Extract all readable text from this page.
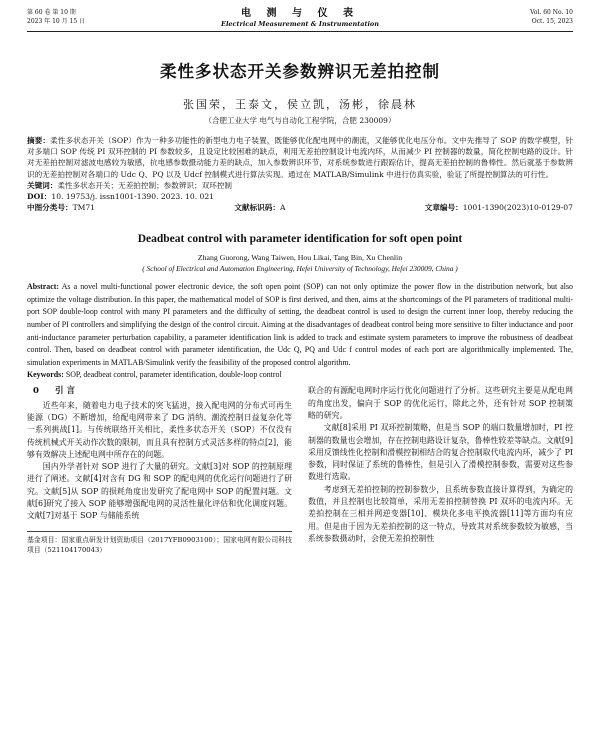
第 60 卷 第 10 期
2023 年 10 月 15 日
电 测 与 仪 表
Electrical Measurement & Instrumentation
Vol. 60 No. 10
Oct. 15, 2023
柔性多状态开关参数辨识无差拍控制
张国荣，王泰文，侯立凯，汤彬，徐晨林
（合肥工业大学 电气与自动化工程学院，合肥 230009）
摘要：柔性多状态开关（SOP）作为一种多功能性的新型电力电子装置，既能够优化配电网中的潮流，又能够优化电压分布。文中先推导了 SOP 的数学模型，针对多端口 SOP 传统 PI 双环控制的 PI 参数较多，且设定比较困难的缺点，利用无差拍控制设计电流内环，从而减少 PI 控制器的数量，简化控制电路的设计。针对无差拍控制对滤波电感较为敏感，抗电感参数摄动能力差的缺点，加入参数辨识环节，对系统参数进行跟踪估计，提高无差拍控制的鲁棒性。然后就基于参数辨识的无差拍控制对各端口的 Udc Q、PQ 以及 Udcf 控制模式进行算法实现。通过在 MATLAB/Simulink 中进行仿真实验，验证了所提控制算法的可行性。
关键词：柔性多状态开关；无差拍控制；参数辨识；双环控制
DOI：10. 19753/j. issn1001-1390. 2023. 10. 021
中图分类号：TM71	文献标识码：A	文章编号：1001-1390(2023)10-0129-07
Deadbeat control with parameter identification for soft open point
Zhang Guorong, Wang Taiwen, Hou Likai, Tang Bin, Xu Chenlin
( School of Electrical and Automation Engineering, Hefei University of Technology, Hefei 230009, China )
Abstract: As a novel multi-functional power electronic device, the soft open point (SOP) can not only optimize the power flow in the distribution network, but also optimize the voltage distribution. In this paper, the mathematical model of SOP is first derived, and then, aims at the shortcomings of the PI parameters of traditional multi-port SOP double-loop control with many PI parameters and the difficulty of setting, the deadbeat control is used to design the current inner loop, thereby reducing the number of PI controllers and simplifying the design of the control circuit. Aiming at the disadvantages of deadbeat control being more sensitive to filter inductance and poor anti-inductance parameter perturbation capability, a parameter identification link is added to track and estimate system parameters to improve the robustness of deadbeat control. Then, based on deadbeat control with parameter identification, the Udc Q, PQ and Udc f control modes of each port are algorithmically implemented. The, simulation experiments in MATLAB/Simulink verify the feasibility of the proposed control algorithm.
Keywords: SOP, deadbeat control, parameter identification, double-loop control
0 引 言

近些年来，随着电力电子技术的突飞猛进，接入配电网的分布式可再生能源（DG）不断增加，给配电网带来了 DG 消纳、潮流控制日益复杂化等一系列挑战[1]。与传统联络开关相比，柔性多状态开关（SOP）不仅没有传统机械式开关动作次数的限制，而且具有控制方式灵活多样的特点[2]，能够有效解决上述配电网中所存在的问题。

国内外学者针对 SOP 进行了大量的研究。文献[3]对 SOP 的控制原理进行了阐述。文献[4]对含有 DG 和 SOP 的配电网的优化运行问题进行了研究。文献[5]从 SOP 的损耗角度出发研究了配电网中 SOP 的配置问题。文献[6]研究了接入 SOP 能够增强配电网的灵活性量化评估和优化调度问题。文献[7]对基于 SOP 与储能系统

基金项目：国家重点研发计划资助项目（2017YFB0903100）；国家电网有限公司科技项目（521104170043）

联合的有源配电网时序运行优化问题进行了分析。这些研究主要是从配电网的角度出发，偏向于 SOP 的优化运行，除此之外，还有针对 SOP 控制策略的研究。

文献[8]采用 PI 双环控制策略，但是当 SOP 的端口数量增加时，PI 控制器的数量也会增加，存在控制电路设计复杂，鲁棒性较差等缺点。文献[9]采用反馈线性化控制和滑模控制相结合的复合控制取代电流内环，减少了 PI 参数，同时保证了系统的鲁棒性，但是引入了滑模控制参数，需要对这些参数进行选取。

考虑到无差拍控制的控制参数少，且系统参数直接计算得到，为确定的数值，并且控制也比较简单，采用无差拍控制替换 PI 双环的电流内环。无差拍控制在三相并网逆变器[10]、模块化多电平换流器[11]等方面均有应用。但是由于因为无差拍控制的这一特点，导致其对系统参数较为敏感，当系统参数摄动时，会使无差拍控制性
